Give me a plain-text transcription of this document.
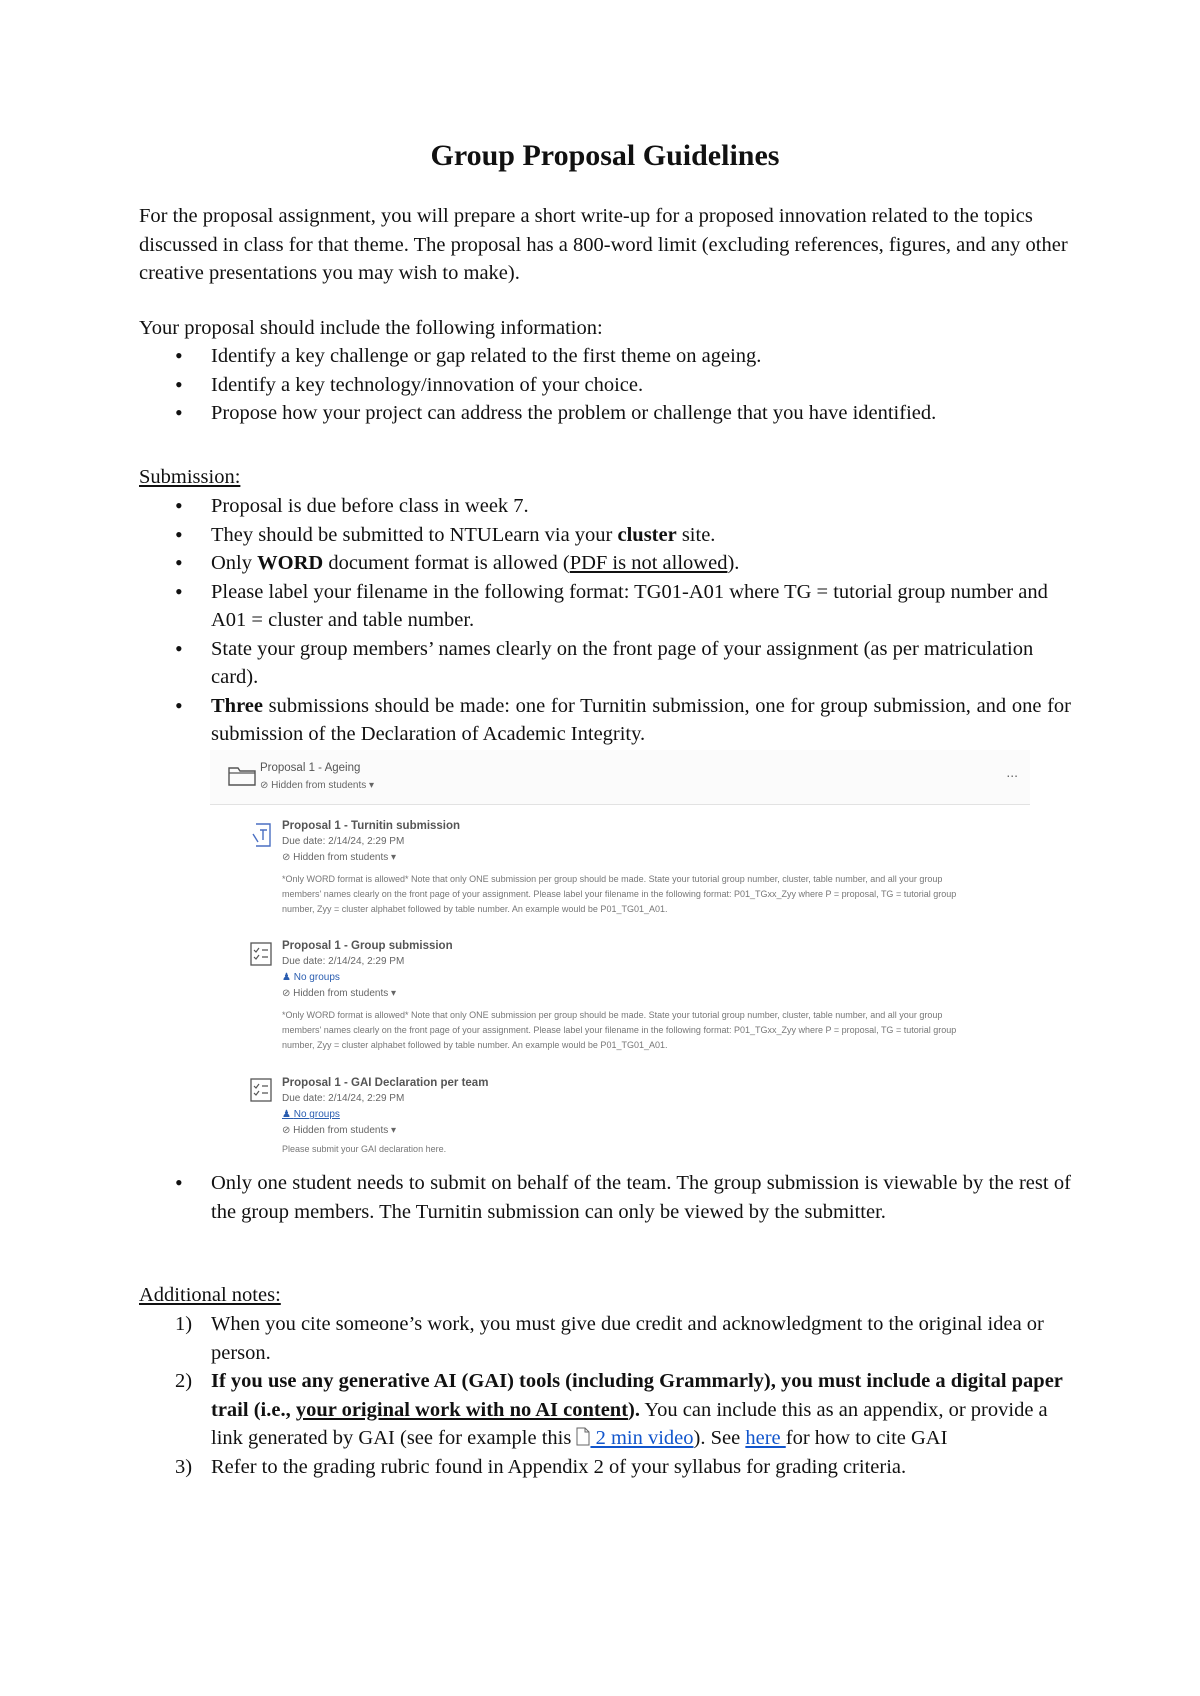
Group Proposal Guidelines

For the proposal assignment, you will prepare a short write-up for a proposed innovation related to the topics discussed in class for that theme. The proposal has a 800-word limit (excluding references, figures, and any other creative presentations you may wish to make).

Your proposal should include the following information:

• Identify a key challenge or gap related to the first theme on ageing.
• Identify a key technology/innovation of your choice.
• Propose how your project can address the problem or challenge that you have identified.

Submission:

• Proposal is due before class in week 7.
• They should be submitted to NTULearn via your cluster site.
• Only WORD document format is allowed (PDF is not allowed).
• Please label your filename in the following format: TG01-A01 where TG = tutorial group number and A01 = cluster and table number.
• State your group members’ names clearly on the front page of your assignment (as per matriculation card).
• Three submissions should be made: one for Turnitin submission, one for group submission, and one for submission of the Declaration of Academic Integrity.
• Only one student needs to submit on behalf of the team. The group submission is viewable by the rest of the group members. The Turnitin submission can only be viewed by the submitter.

Additional notes:

1) When you cite someone’s work, you must give due credit and acknowledgment to the original idea or person.
2) If you use any generative AI (GAI) tools (including Grammarly), you must include a digital paper trail (i.e., your original work with no AI content). You can include this as an appendix, or provide a link generated by GAI (see for example this  2 min video). See here for how to cite GAI
3) Refer to the grading rubric found in Appendix 2 of your syllabus for grading criteria.
Proposal 1 - Ageing
⊘ Hidden from students ▾
...
Proposal 1 - Turnitin submission
Due date: 2/14/24, 2:29 PM
⊘ Hidden from students ▾
*Only WORD format is allowed* Note that only ONE submission per group should be made. State your tutorial group number, cluster, table number, and all your group
members' names clearly on the front page of your assignment. Please label your filename in the following format: P01_TGxx_Zyy where P = proposal, TG = tutorial group
number, Zyy = cluster alphabet followed by table number. An example would be P01_TG01_A01.
Proposal 1 - Group submission
Due date: 2/14/24, 2:29 PM
♟ No groups
⊘ Hidden from students ▾
*Only WORD format is allowed* Note that only ONE submission per group should be made. State your tutorial group number, cluster, table number, and all your group
members' names clearly on the front page of your assignment. Please label your filename in the following format: P01_TGxx_Zyy where P = proposal, TG = tutorial group
number, Zyy = cluster alphabet followed by table number. An example would be P01_TG01_A01.
Proposal 1 - GAI Declaration per team
Due date: 2/14/24, 2:29 PM
♟ No groups
⊘ Hidden from students ▾
Please submit your GAI declaration here.
